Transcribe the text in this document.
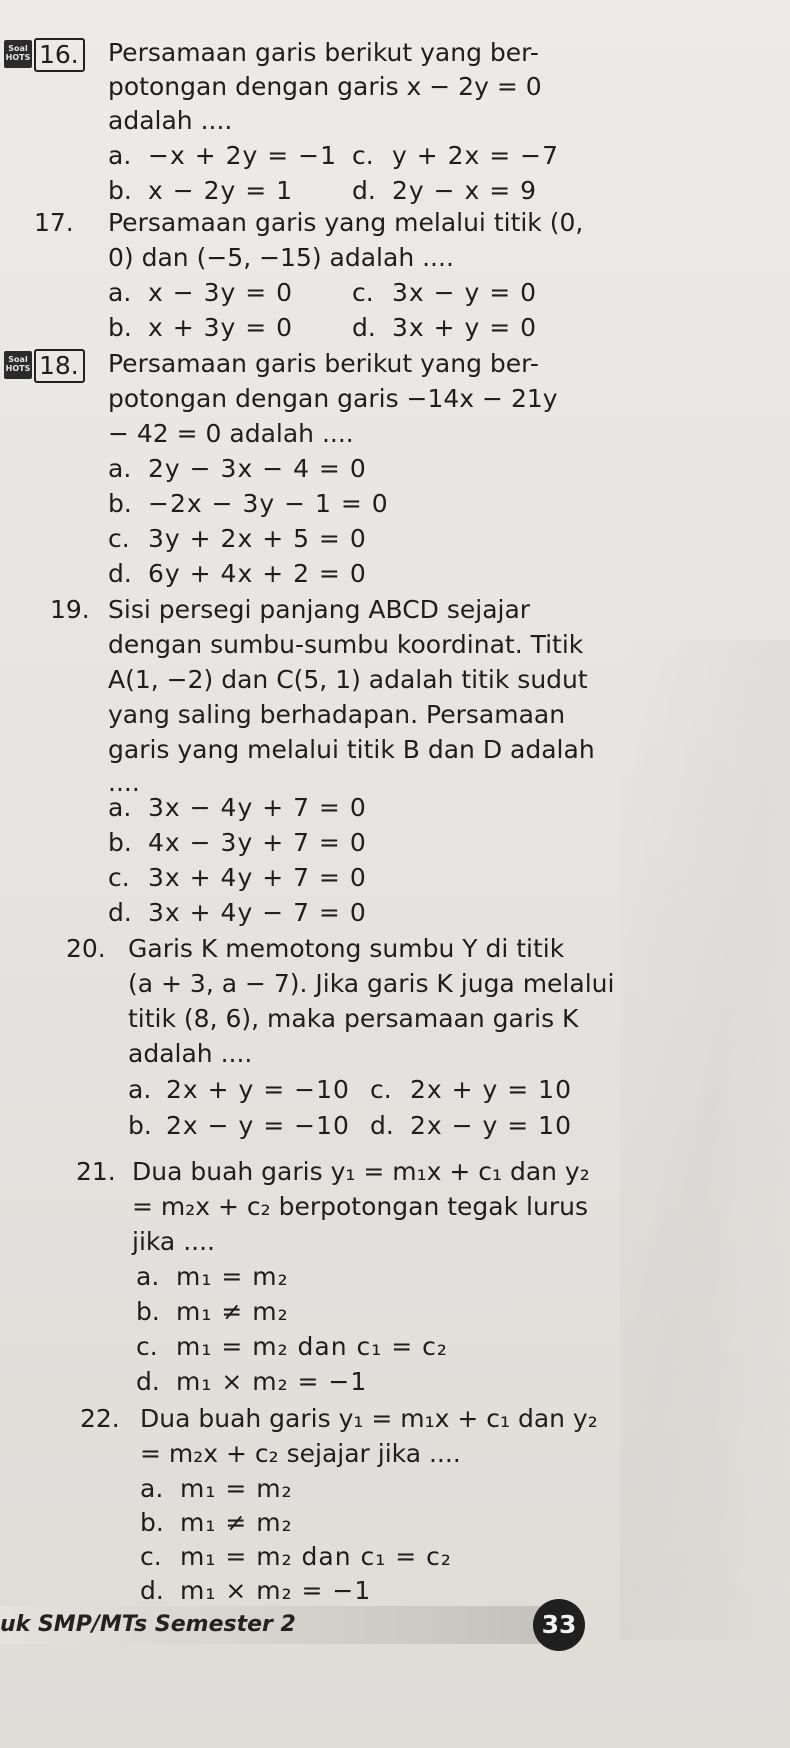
Soal HOTS 16. Persamaan garis berikut yang ber-
potongan dengan garis x − 2y = 0
adalah ....
a. −x + 2y = −1
b. x − 2y = 1
c. y + 2x = −7
d. 2y − x = 9
17. Persamaan garis yang melalui titik (0,
0) dan (−5, −15) adalah ....
a. x − 3y = 0
b. x + 3y = 0
c. 3x − y = 0
d. 3x + y = 0
Soal HOTS 18. Persamaan garis berikut yang ber-
potongan dengan garis −14x − 21y
− 42 = 0 adalah ....
a. 2y − 3x − 4 = 0
b. −2x − 3y − 1 = 0
c. 3y + 2x + 5 = 0
d. 6y + 4x + 2 = 0
19. Sisi persegi panjang ABCD sejajar
dengan sumbu-sumbu koordinat. Titik
A(1, −2) dan C(5, 1) adalah titik sudut
yang saling berhadapan. Persamaan
garis yang melalui titik B dan D adalah
....
a. 3x − 4y + 7 = 0
b. 4x − 3y + 7 = 0
c. 3x + 4y + 7 = 0
d. 3x + 4y − 7 = 0
20. Garis K memotong sumbu Y di titik
(a + 3, a − 7). Jika garis K juga melalui
titik (8, 6), maka persamaan garis K
adalah ....
a. 2x + y = −10
b. 2x − y = −10
c. 2x + y = 10
d. 2x − y = 10
21. Dua buah garis y₁ = m₁x + c₁ dan y₂
= m₂x + c₂ berpotongan tegak lurus
jika ....
a. m₁ = m₂
b. m₁ ≠ m₂
c. m₁ = m₂ dan c₁ = c₂
d. m₁ × m₂ = −1
22. Dua buah garis y₁ = m₁x + c₁ dan y₂
= m₂x + c₂ sejajar jika ....
a. m₁ = m₂
b. m₁ ≠ m₂
c. m₁ = m₂ dan c₁ = c₂
d. m₁ × m₂ = −1
uk SMP/MTs Semester 2	33
